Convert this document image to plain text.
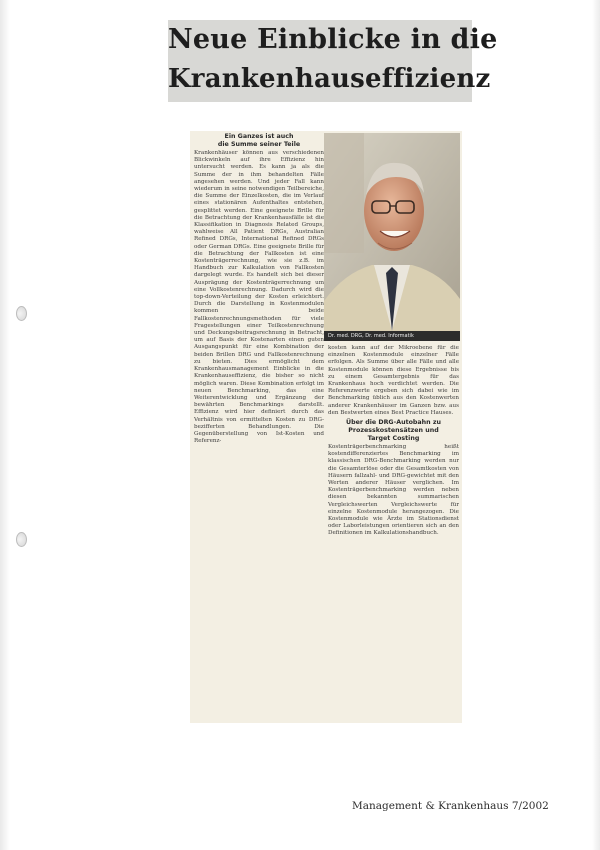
Neue Einblicke in die
Krankenhauseffizienz
Ein Ganzes ist auch
die Summe seiner Teile

Krankenhäuser können aus verschiedenen Blickwinkeln auf ihre Effizienz hin untersucht werden. Es kann ja als die Summe der in ihm behandelten Fälle angesehen werden. Und jeder Fall kann wiederum in seine notwendigen Teilbereiche, die Summe der Einzelkosten, die im Verlauf eines stationären Aufenthaltes entstehen, gesplittet werden. Eine geeignete Brille für die Betrachtung der Krankenhausfälle ist die Klassifikation in Diagnosis Related Groups, wahlweise All Patient DRGs, Australian Refined DRGs, International Refined DRGs oder German DRGs. Eine geeignete Brille für die Betrachtung der Fallkosten ist eine Kostenträgerrechnung, wie sie z.B. im Handbuch zur Kalkulation von Fallkosten dargelegt wurde. Es handelt sich bei dieser Ausprägung der Kostenträgerrechnung um eine Vollkostenrechnung. Dadurch wird die top-down-Verteilung der Kosten erleichtert. Durch die Darstellung in Kostenmodulen kommen beide Fallkostenrechnungsmethoden für viele Fragestellungen einer Teilkostenrechnung und Deckungsbeitragsrechnung in Betracht, um auf Basis der Kostenarten einen guten Ausgangspunkt für eine Kombination der beiden Brillen DRG und Fallkostenrechnung zu bieten. Dies ermöglicht dem Krankenhausmanagement Einblicke in die Krankenhauseffizienz, die bisher so nicht möglich waren. Diese Kombination erfolgt im neuen Benchmarking, das eine Weiterentwicklung und Ergänzung der bewährten Benchmarkings darstellt. Effizienz wird hier definiert durch das Verhältnis von ermittelten Kosten zu DRG-bezifferten Behandlungen. Die Gegenüberstellung von Ist-Kosten und Referenz-

Dr. med. DRG, Dr. med. Informatik

kosten kann auf der Mikroebene für die einzelnen Kostenmodule einzelner Fälle erfolgen. Als Summe über alle Fälle und alle Kostenmodule können diese Ergebnisse bis zu einem Gesamtergebnis für das Krankenhaus hoch verdichtet werden. Die Referenzwerte ergeben sich dabei wie im Benchmarking üblich aus den Kostenwerten anderer Krankenhäuser im Ganzen bzw. aus den Bestwerten eines Best Practice Hauses.

Über die DRG-Autobahn zu
Prozesskostensätzen und
Target Costing

Kostenträgerbenchmarking heißt kostendifferenziertes Benchmarking im klassischen DRG-Benchmarking werden nur die Gesamterlöse oder die Gesamtkosten von Häusern fallzahl- und DRG-gewichtet mit den Werten anderer Häuser verglichen. Im Kostenträgerbenchmarking werden neben diesen bekannten summarischen Vergleichswerten Vergleichswerte für einzelne Kostenmodule herangezogen. Die Kostenmodule wie Ärzte im Stationsdienst oder Laborleistungen orientieren sich an den Definitionen im Kalkulationshandbuch.

Management & Krankenhaus 7/2002
